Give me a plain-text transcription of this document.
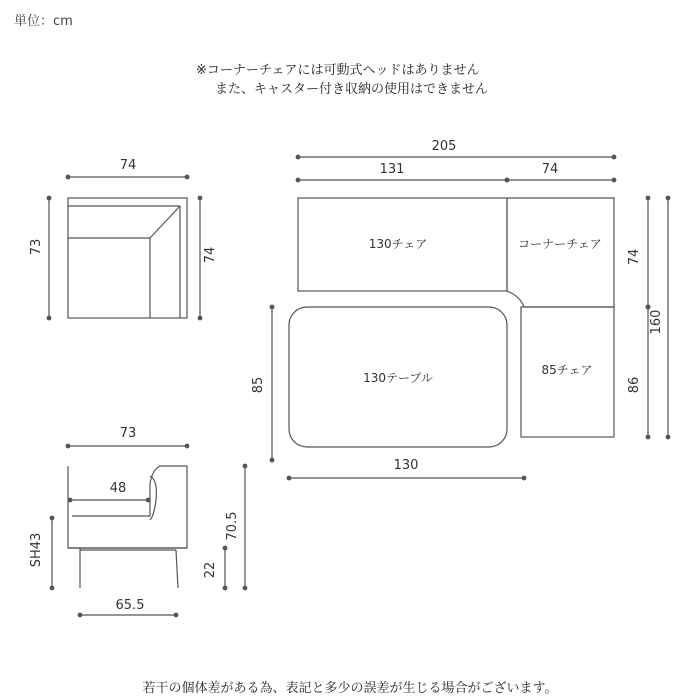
単位：cm
※コーナーチェアには可動式ヘッドはありません
また、キャスター付き収納の使用はできません
74
73	74
73
48
65.5
SH43
22
70.5
205
131	74
130チェア	コーナーチェア
130テーブル
85チェア
85
130
74
86
160
若干の個体差がある為、表記と多少の誤差が生じる場合がございます。
